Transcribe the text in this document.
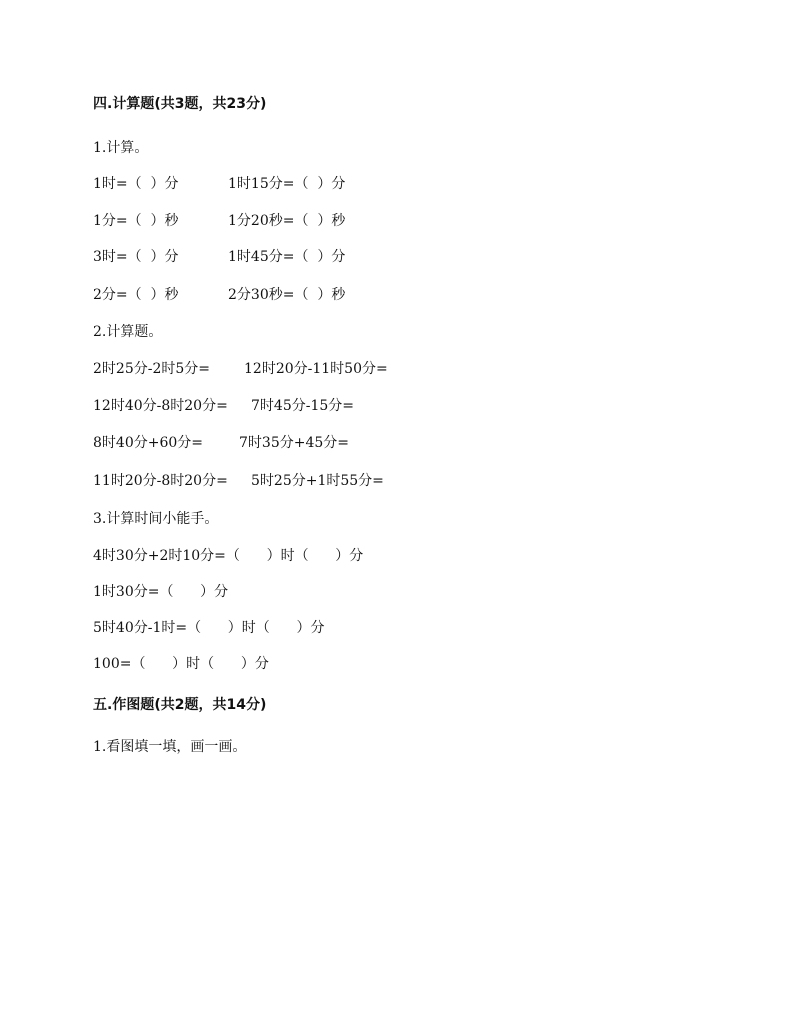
四.计算题(共3题，共23分)
1.计算。
1时=（  ）分	1时15分=（  ）分
1分=（  ）秒	1分20秒=（  ）秒
3时=（  ）分	1时45分=（  ）分
2分=（  ）秒	2分30秒=（  ）秒
2.计算题。
2时25分-2时5分= 12时20分-11时50分=
12时40分-8时20分= 7时45分-15分=
8时40分+60分=	7时35分+45分=
11时20分-8时20分= 5时25分+1时55分=
3.计算时间小能手。
4时30分+2时10分=（      ）时（      ）分
1时30分=（      ）分
5时40分-1时=（      ）时（      ）分
100=（      ）时（      ）分
五.作图题(共2题，共14分)
1.看图填一填，画一画。
